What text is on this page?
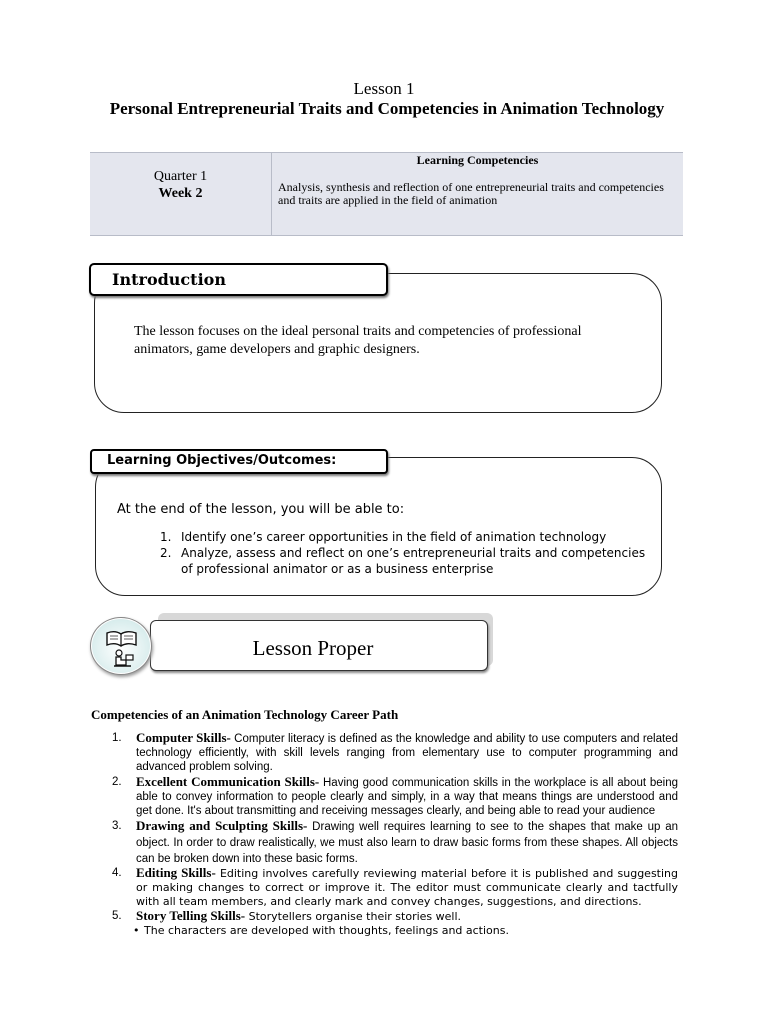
Lesson 1
Personal Entrepreneurial Traits and Competencies in Animation Technology
Quarter 1
Week 2
Learning Competencies
Analysis, synthesis and reflection of one entrepreneurial traits and competencies and traits are applied in the field of animation
Introduction
The lesson focuses on the ideal personal traits and competencies of professional animators, game developers and graphic designers.
Learning Objectives/Outcomes:
At the end of the lesson, you will be able to:
1. Identify one’s career opportunities in the field of animation technology
2. Analyze, assess and reflect on one’s entrepreneurial traits and competencies of professional animator or as a business enterprise
Lesson Proper
Competencies of an Animation Technology Career Path
1. Computer Skills- Computer literacy is defined as the knowledge and ability to use computers and related technology efficiently, with skill levels ranging from elementary use to computer programming and advanced problem solving.
2. Excellent Communication Skills- Having good communication skills in the workplace is all about being able to convey information to people clearly and simply, in a way that means things are understood and get done. It's about transmitting and receiving messages clearly, and being able to read your audience
3. Drawing and Sculpting Skills- Drawing well requires learning to see to the shapes that make up an object. In order to draw realistically, we must also learn to draw basic forms from these shapes. All objects can be broken down into these basic forms.
4. Editing Skills- Editing involves carefully reviewing material before it is published and suggesting or making changes to correct or improve it. The editor must communicate clearly and tactfully with all team members, and clearly mark and convey changes, suggestions, and directions.
5. Story Telling Skills- Storytellers organise their stories well.
• The characters are developed with thoughts, feelings and actions.
